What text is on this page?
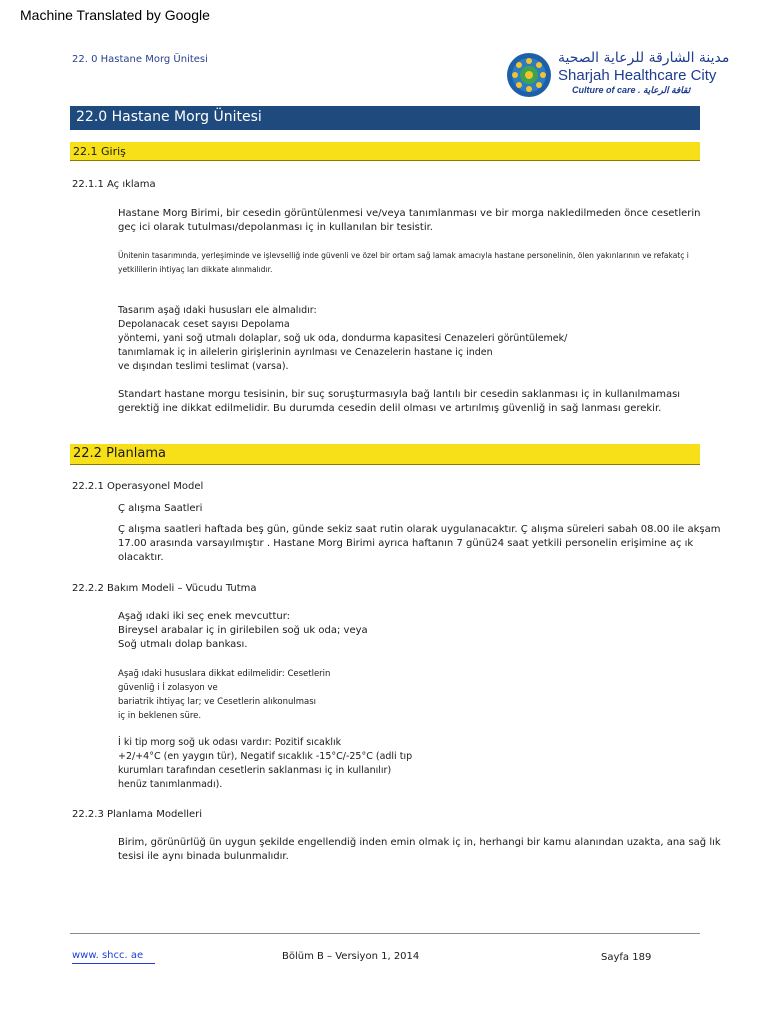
Machine Translated by Google
22. 0 Hastane Morg Ünitesi	مدينة الشارقة للرعاية الصحية
Sharjah Healthcare City
Culture of care . ثقافة الرعاية
22.0 Hastane Morg Ünitesi
22.1 Giriş
22.1.1 Aç ıklama
Hastane Morg Birimi, bir cesedin görüntülenmesi ve/veya tanımlanması ve bir morga nakledilmeden önce cesetlerin
geç ici olarak tutulması/depolanması iç in kullanılan bir tesistir.
Ünitenin tasarımında, yerleşiminde ve işlevselliğ inde güvenli ve özel bir ortam sağ lamak amacıyla hastane personelinin, ölen yakınlarının ve refakatç i
yetkililerin ihtiyaç ları dikkate alınmalıdır.
Tasarım aşağ ıdaki hususları ele almalıdır:
Depolanacak ceset sayısı Depolama
yöntemi, yani soğ utmalı dolaplar, soğ uk oda, dondurma kapasitesi Cenazeleri görüntülemek/
tanımlamak iç in ailelerin girişlerinin ayrılması ve Cenazelerin hastane iç inden
ve dışından teslimi teslimat (varsa).
Standart hastane morgu tesisinin, bir suç soruşturmasıyla bağ lantılı bir cesedin saklanması iç in kullanılmaması
gerektiğ ine dikkat edilmelidir. Bu durumda cesedin delil olması ve artırılmış güvenliğ in sağ lanması gerekir.
22.2 Planlama
22.2.1 Operasyonel Model
Ç alışma Saatleri
Ç alışma saatleri haftada beş gün, günde sekiz saat rutin olarak uygulanacaktır. Ç alışma süreleri sabah 08.00 ile akşam
17.00 arasında varsayılmıştır . Hastane Morg Birimi ayrıca haftanın 7 günü24 saat yetkili personelin erişimine aç ık
olacaktır.
22.2.2 Bakım Modeli – Vücudu Tutma
Aşağ ıdaki iki seç enek mevcuttur:
Bireysel arabalar iç in girilebilen soğ uk oda; veya
Soğ utmalı dolap bankası.
Aşağ ıdaki hususlara dikkat edilmelidir: Cesetlerin
güvenliğ i İ zolasyon ve
bariatrik ihtiyaç lar; ve Cesetlerin alıkonulması
iç in beklenen süre.
İ ki tip morg soğ uk odası vardır: Pozitif sıcaklık
+2/+4°C (en yaygın tür), Negatif sıcaklık -15°C/-25°C (adli tıp
kurumları tarafından cesetlerin saklanması iç in kullanılır)
henüz tanımlanmadı).
22.2.3 Planlama Modelleri
Birim, görünürlüğ ün uygun şekilde engellendiğ inden emin olmak iç in, herhangi bir kamu alanından uzakta, ana sağ lık
tesisi ile aynı binada bulunmalıdır.
www. shcc. ae	Bölüm B – Versiyon 1, 2014	Sayfa 189
